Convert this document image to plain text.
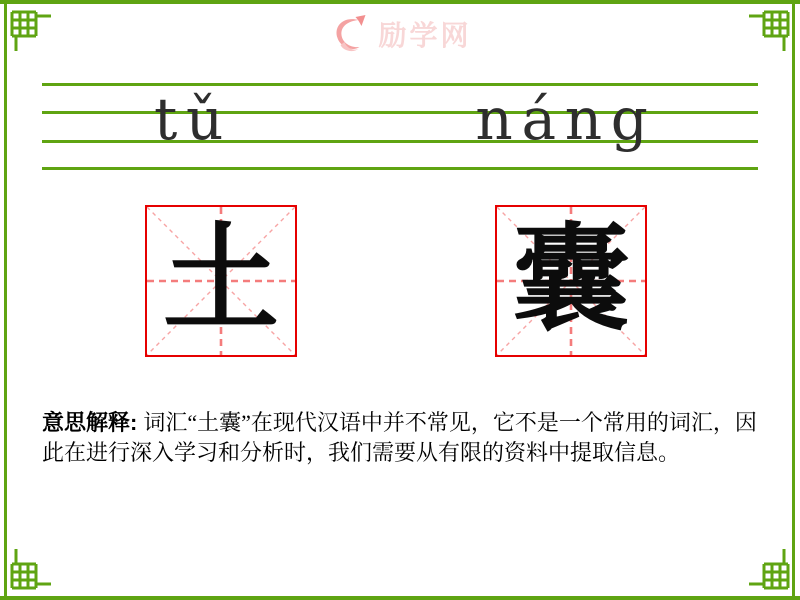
励学网
tǔ	náng
土 囊

意思解释: 词汇“土囊”在现代汉语中并不常见，它不是一个常用的词汇，因此在进行深入学习和分析时，我们需要从有限的资料中提取信息。
